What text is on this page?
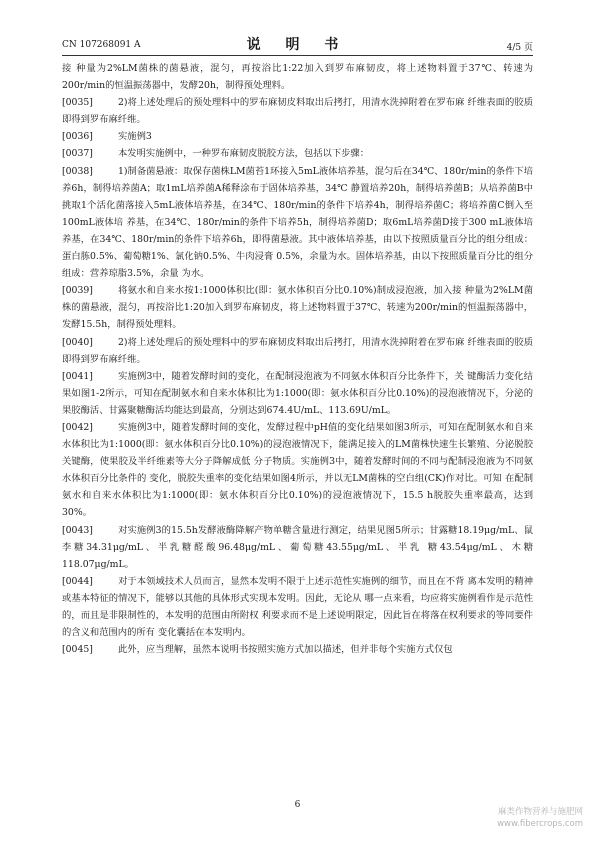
CN 107268091 A	说 明 书	4/5 页

接 种量为2%LM菌株的菌悬液，混匀，再按浴比1:22加入到罗布麻韧皮，将上述物料置于37℃、转速为200r/min的恒温振荡器中，发酵20h，制得预处理料。

[0035]	2)将上述处理后的预处理料中的罗布麻韧皮料取出后拷打，用清水洗掉附着在罗布麻 纤维表面的胶质即得到罗布麻纤维。

[0036]	实施例3

[0037]	本发明实施例中，一种罗布麻韧皮脱胶方法，包括以下步骤：

[0038]	1)制备菌悬液：取保存菌株LM菌苔1环接入5mL液体培养基，混匀后在34℃、180r/min的条件下培养6h，制得培养菌A；取1mL培养菌A稀释涂布于固体培养基，34℃ 静置培养20h，制得培养菌B；从培养菌B中挑取1个活化菌落接入5mL液体培养基，在34℃、180r/min的条件下培养4h，制得培养菌C；将培养菌C倒入至100mL液体培 养基，在34℃、180r/min的条件下培养5h，制得培养菌D；取6mL培养菌D接于300 mL液体培养基，在34℃、180r/min的条件下培养6h，即得菌悬液。其中液体培养基，由以下按照质量百分比的组分组成：蛋白胨0.5%、葡萄糖1%、氯化钠0.5%、牛肉浸膏 0.5%，余量为水。固体培养基，由以下按照质量百分比的组分组成：营养琼脂3.5%，余量 为水。

[0039]	将氨水和自来水按1:1000体积比(即：氨水体积百分比0.10%)制成浸泡液，加入接 种量为2%LM菌株的菌悬液，混匀，再按浴比1:20加入到罗布麻韧皮，将上述物料置于37℃、转速为200r/min的恒温振荡器中，发酵15.5h，制得预处理料。

[0040]	2)将上述处理后的预处理料中的罗布麻韧皮料取出后拷打，用清水洗掉附着在罗布麻 纤维表面的胶质即得到罗布麻纤维。

[0041]	实施例3中，随着发酵时间的变化，在配制浸泡液为不同氨水体积百分比条件下，关 键酶活力变化结果如图1-2所示，可知在配制氨水和自来水体积比为1:1000(即：氨水体积百分比0.10%)的浸泡液情况下，分泌的果胶酶活、甘露聚糖酶活均能达到最高，分别达到674.4U/mL、113.69U/mL。

[0042]	实施例3中，随着发酵时间的变化，发酵过程中pH值的变化结果如图3所示，可知在配制氨水和自来水体积比为1:1000(即：氨水体积百分比0.10%)的浸泡液情况下，能满足接入的LM菌株快速生长繁殖、分泌脱胶关键酶，使果胶及半纤维素等大分子降解成低 分子物质。实施例3中，随着发酵时间的不同与配制浸泡液为不同氨水体积百分比条件的 变化，脱胶失重率的变化结果如图4所示，并以无LM菌株的空白组(CK)作对比。可知 在配制氨水和自来水体积比为1:1000(即：氨水体积百分比0.10%)的浸泡液情况下，15.5 h脱胶失重率最高，达到30%。

[0043]	对实施例3的15.5h发酵液酶降解产物单糖含量进行测定，结果见图5所示；甘露糖18.19μg/mL、鼠李糖34.31μg/mL、半乳糖醛酸96.48μg/mL、葡萄糖43.55μg/mL、半乳 糖43.54μg/mL、木糖118.07μg/mL。

[0044]	对于本领域技术人员而言，显然本发明不限于上述示范性实施例的细节，而且在不背 离本发明的精神或基本特征的情况下，能够以其他的具体形式实现本发明。因此，无论从 哪一点来看，均应将实施例看作是示范性的，而且是非限制性的，本发明的范围由所附权 利要求而不是上述说明限定，因此旨在将落在权利要求的等同要件的含义和范围内的所有 变化囊括在本发明内。

[0045]	此外，应当理解，虽然本说明书按照实施方式加以描述，但并非每个实施方式仅包

6
麻类作物营养与施肥网
www.fibercrops.com
